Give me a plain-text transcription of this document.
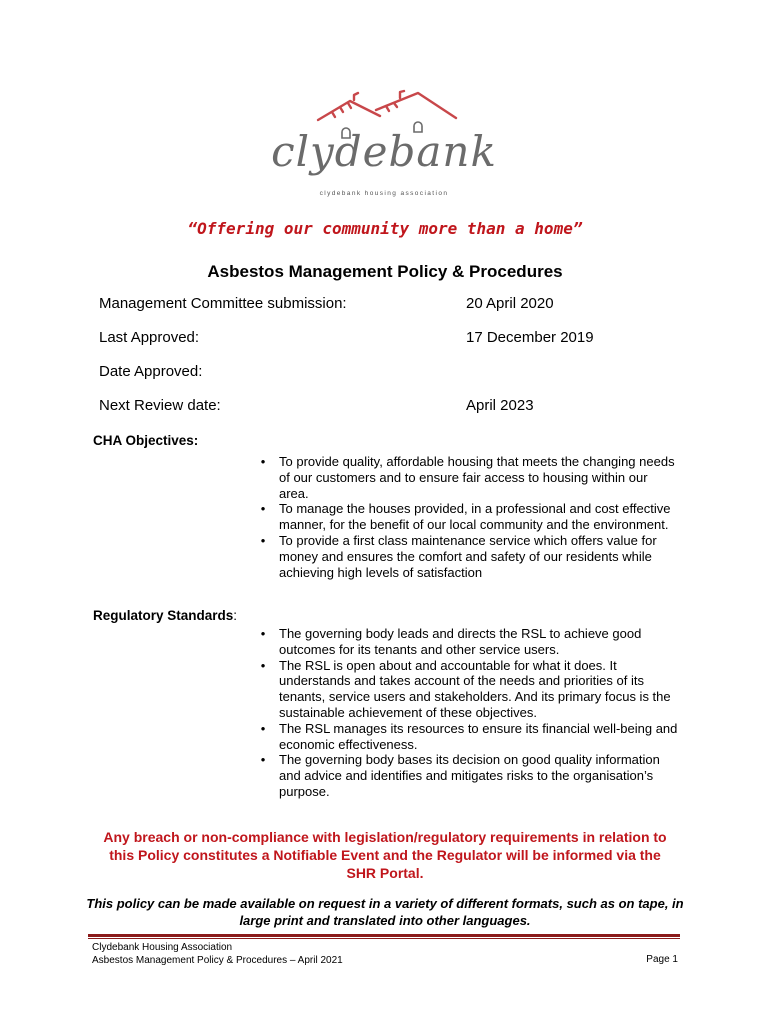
clydebank
clydebank housing association
“Offering our community more than a home”
Asbestos Management Policy & Procedures
Management Committee submission:	20 April 2020
Last Approved:	17 December 2019
Date Approved:
Next Review date:	April 2023
CHA Objectives:
• To provide quality, affordable housing that meets the changing needs of our customers and to ensure fair access to housing within our area.
• To manage the houses provided, in a professional and cost effective manner, for the benefit of our local community and the environment.
• To provide a first class maintenance service which offers value for money and ensures the comfort and safety of our residents while achieving high levels of satisfaction
Regulatory Standards:
• The governing body leads and directs the RSL to achieve good outcomes for its tenants and other service users.
• The RSL is open about and accountable for what it does. It understands and takes account of the needs and priorities of its tenants, service users and stakeholders. And its primary focus is the sustainable achievement of these objectives.
• The RSL manages its resources to ensure its financial well-being and economic effectiveness.
• The governing body bases its decision on good quality information and advice and identifies and mitigates risks to the organisation’s purpose.
Any breach or non-compliance with legislation/regulatory requirements in relation to this Policy constitutes a Notifiable Event and the Regulator will be informed via the SHR Portal.
This policy can be made available on request in a variety of different formats, such as on tape, in large print and translated into other languages.
Clydebank Housing Association
Asbestos Management Policy & Procedures – April 2021	Page 1
